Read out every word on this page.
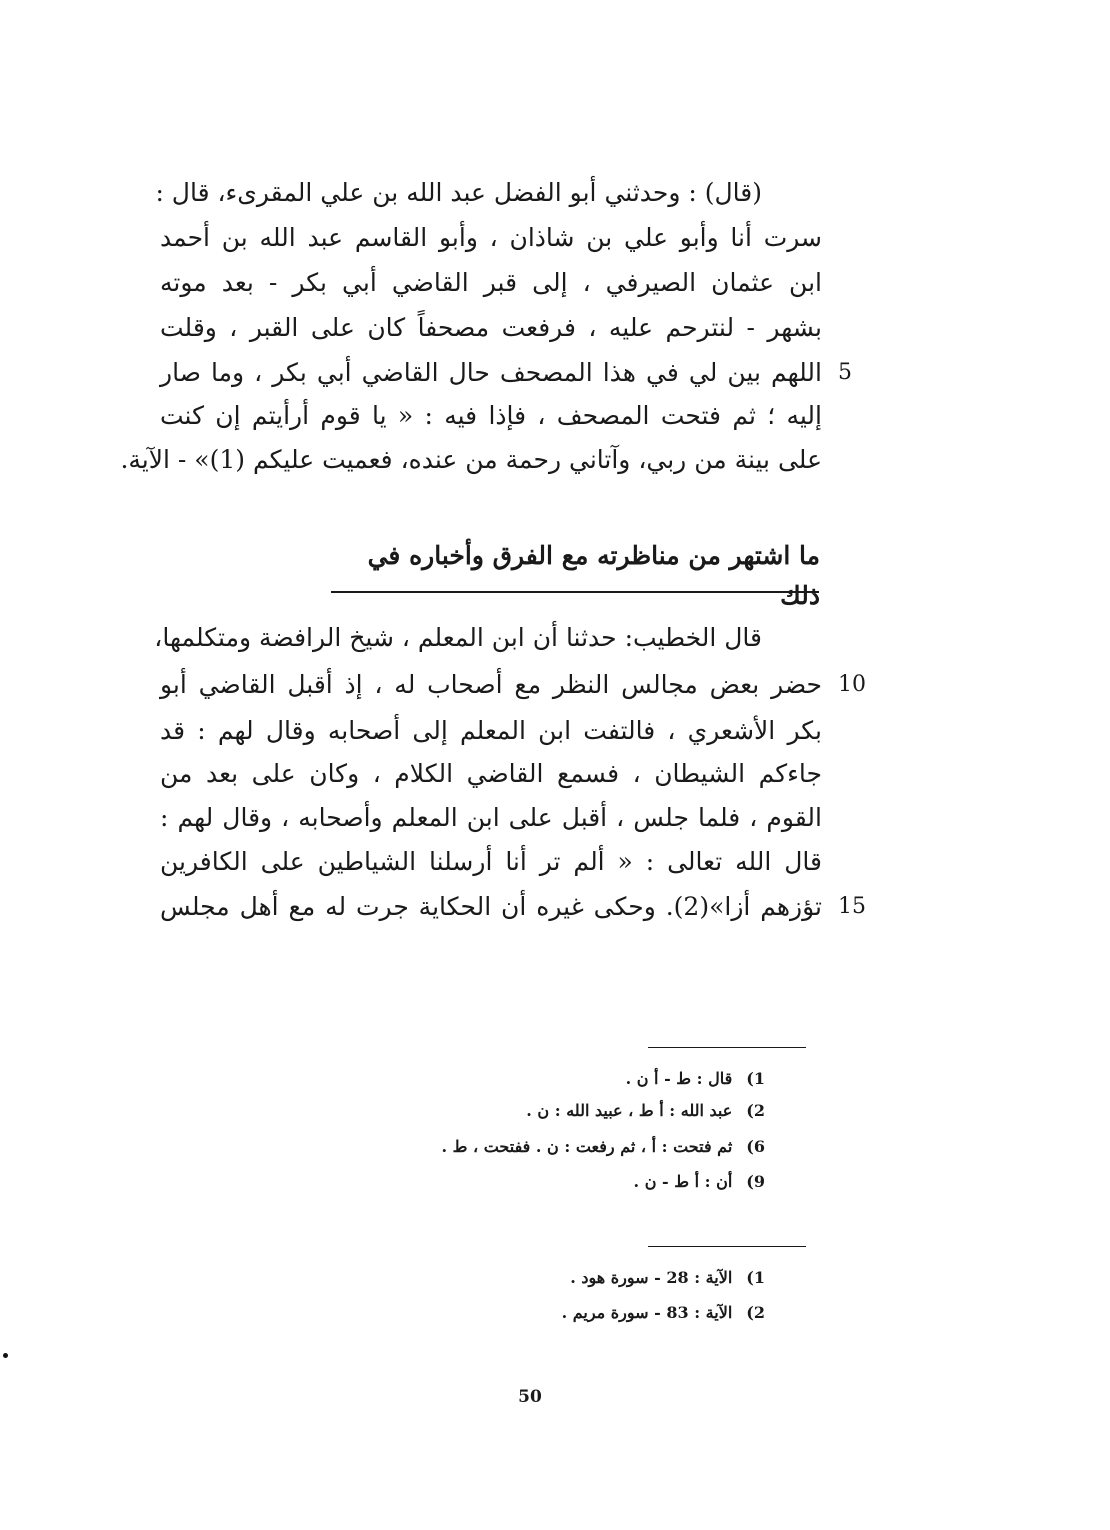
(قال) : وحدثني أبو الفضل عبد الله بن علي المقرىء، قال :
سرت أنا وأبو علي بن شاذان ، وأبو القاسم عبد الله بن أحمد
ابن عثمان الصيرفي ، إلى قبر القاضي أبي بكر - بعد موته
بشهر - لنترحم عليه ، فرفعت مصحفاً كان على القبر ، وقلت
اللهم بين لي في هذا المصحف حال القاضي أبي بكر ، وما صار
إليه ؛ ثم فتحت المصحف ، فإذا فيه : « يا قوم أرأيتم إن كنت
على بينة من ربي، وآتاني رحمة من عنده، فعميت عليكم (1)» - الآية.
5
ما اشتهر من مناظرته مع الفرق وأخباره في ذلك
قال الخطيب: حدثنا أن ابن المعلم ، شيخ الرافضة ومتكلمها،
حضر بعض مجالس النظر مع أصحاب له ، إذ أقبل القاضي أبو
بكر الأشعري ، فالتفت ابن المعلم إلى أصحابه وقال لهم : قد
جاءكم الشيطان ، فسمع القاضي الكلام ، وكان على بعد من
القوم ، فلما جلس ، أقبل على ابن المعلم وأصحابه ، وقال لهم :
قال الله تعالى : « ألم تر أنا أرسلنا الشياطين على الكافرين
تؤزهم أزا»(2). وحكى غيره أن الحكاية جرت له مع أهل مجلس
10
15
1)قال : ط - أ ن .
2)عبد الله : أ ط ، عبيد الله : ن .
6)ثم فتحت : أ ، ثم رفعت : ن . ففتحت ، ط .
9)أن : أ ط - ن .
1)الآية : 28 - سورة هود .
2)الآية : 83 - سورة مريم .
50
